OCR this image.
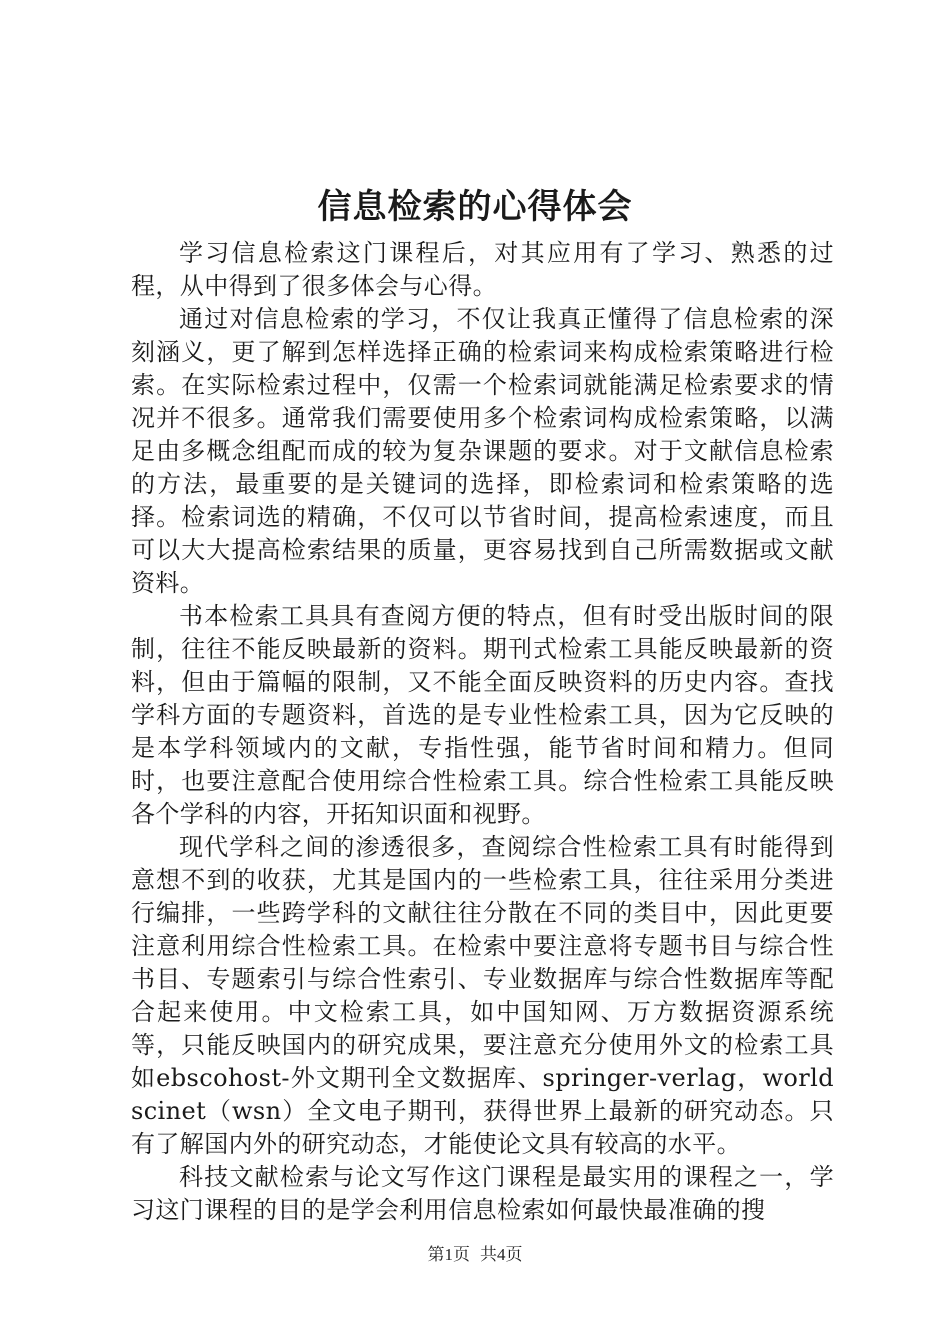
信息检索的心得体会

学习信息检索这门课程后，对其应用有了学习、熟悉的过程，从中得到了很多体会与心得。

通过对信息检索的学习，不仅让我真正懂得了信息检索的深刻涵义，更了解到怎样选择正确的检索词来构成检索策略进行检索。在实际检索过程中，仅需一个检索词就能满足检索要求的情况并不很多。通常我们需要使用多个检索词构成检索策略，以满足由多概念组配而成的较为复杂课题的要求。对于文献信息检索的方法，最重要的是关键词的选择，即检索词和检索策略的选择。检索词选的精确，不仅可以节省时间，提高检索速度，而且可以大大提高检索结果的质量，更容易找到自己所需数据或文献资料。

书本检索工具具有查阅方便的特点，但有时受出版时间的限制，往往不能反映最新的资料。期刊式检索工具能反映最新的资料，但由于篇幅的限制，又不能全面反映资料的历史内容。查找学科方面的专题资料，首选的是专业性检索工具，因为它反映的是本学科领域内的文献，专指性强，能节省时间和精力。但同时，也要注意配合使用综合性检索工具。综合性检索工具能反映各个学科的内容，开拓知识面和视野。

现代学科之间的渗透很多，查阅综合性检索工具有时能得到意想不到的收获，尤其是国内的一些检索工具，往往采用分类进行编排，一些跨学科的文献往往分散在不同的类目中，因此更要注意利用综合性检索工具。在检索中要注意将专题书目与综合性书目、专题索引与综合性索引、专业数据库与综合性数据库等配合起来使用。中文检索工具，如中国知网、万方数据资源系统等，只能反映国内的研究成果，要注意充分使用外文的检索工具如ebscohost-外文期刊全文数据库、springer-verlag，worldscinet（wsn）全文电子期刊，获得世界上最新的研究动态。只有了解国内外的研究动态，才能使论文具有较高的水平。

科技文献检索与论文写作这门课程是最实用的课程之一，学习这门课程的目的是学会利用信息检索如何最快最准确的搜

第1页 共4页
